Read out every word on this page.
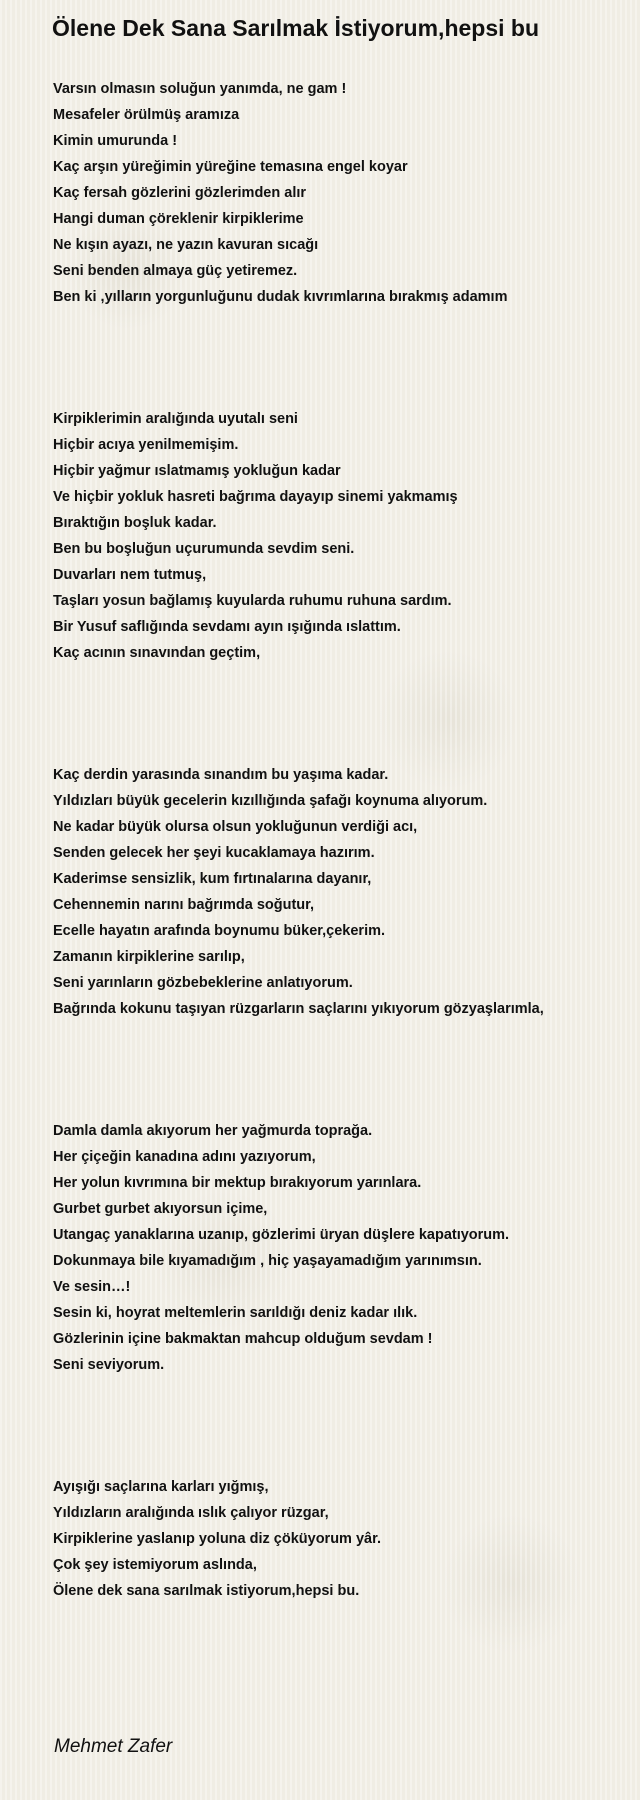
Ölene Dek Sana Sarılmak İstiyorum,hepsi bu
Varsın olmasın soluğun yanımda, ne gam !
Mesafeler örülmüş aramıza
Kimin umurunda !
Kaç arşın yüreğimin yüreğine temasına engel koyar
Kaç fersah gözlerini gözlerimden alır
Hangi duman çöreklenir kirpiklerime
Ne kışın ayazı, ne yazın kavuran sıcağı
Seni benden almaya güç yetiremez.
Ben ki ,yılların yorgunluğunu dudak kıvrımlarına bırakmış adamım
Kirpiklerimin aralığında uyutalı seni
Hiçbir acıya yenilmemişim.
Hiçbir yağmur ıslatmamış yokluğun kadar
Ve hiçbir yokluk hasreti bağrıma dayayıp sinemi yakmamış
Bıraktığın boşluk kadar.
Ben bu boşluğun uçurumunda sevdim seni.
Duvarları nem tutmuş,
Taşları yosun bağlamış kuyularda ruhumu ruhuna sardım.
Bir Yusuf saflığında sevdamı ayın ışığında ıslattım.
Kaç acının sınavından geçtim,
Kaç derdin yarasında sınandım bu yaşıma kadar.
Yıldızları büyük gecelerin kızıllığında şafağı koynuma alıyorum.
Ne kadar büyük olursa olsun yokluğunun verdiği acı,
Senden gelecek her şeyi kucaklamaya hazırım.
Kaderimse sensizlik, kum fırtınalarına dayanır,
Cehennemin narını bağrımda soğutur,
Ecelle hayatın arafında boynumu büker,çekerim.
Zamanın kirpiklerine sarılıp,
Seni yarınların gözbebeklerine anlatıyorum.
Bağrında kokunu taşıyan rüzgarların saçlarını yıkıyorum gözyaşlarımla,
Damla damla akıyorum her yağmurda toprağa.
Her çiçeğin kanadına adını yazıyorum,
Her yolun kıvrımına bir mektup bırakıyorum yarınlara.
Gurbet gurbet akıyorsun içime,
Utangaç yanaklarına uzanıp, gözlerimi üryan düşlere kapatıyorum.
Dokunmaya bile kıyamadığım , hiç yaşayamadığım yarınımsın.
Ve sesin…!
Sesin ki, hoyrat meltemlerin sarıldığı deniz kadar ılık.
Gözlerinin içine bakmaktan mahcup olduğum sevdam !
Seni seviyorum.
Ayışığı saçlarına karları yığmış,
Yıldızların aralığında ıslık çalıyor rüzgar,
Kirpiklerine yaslanıp yoluna diz çöküyorum yâr.
Çok şey istemiyorum aslında,
Ölene dek sana sarılmak istiyorum,hepsi bu.
Mehmet Zafer
